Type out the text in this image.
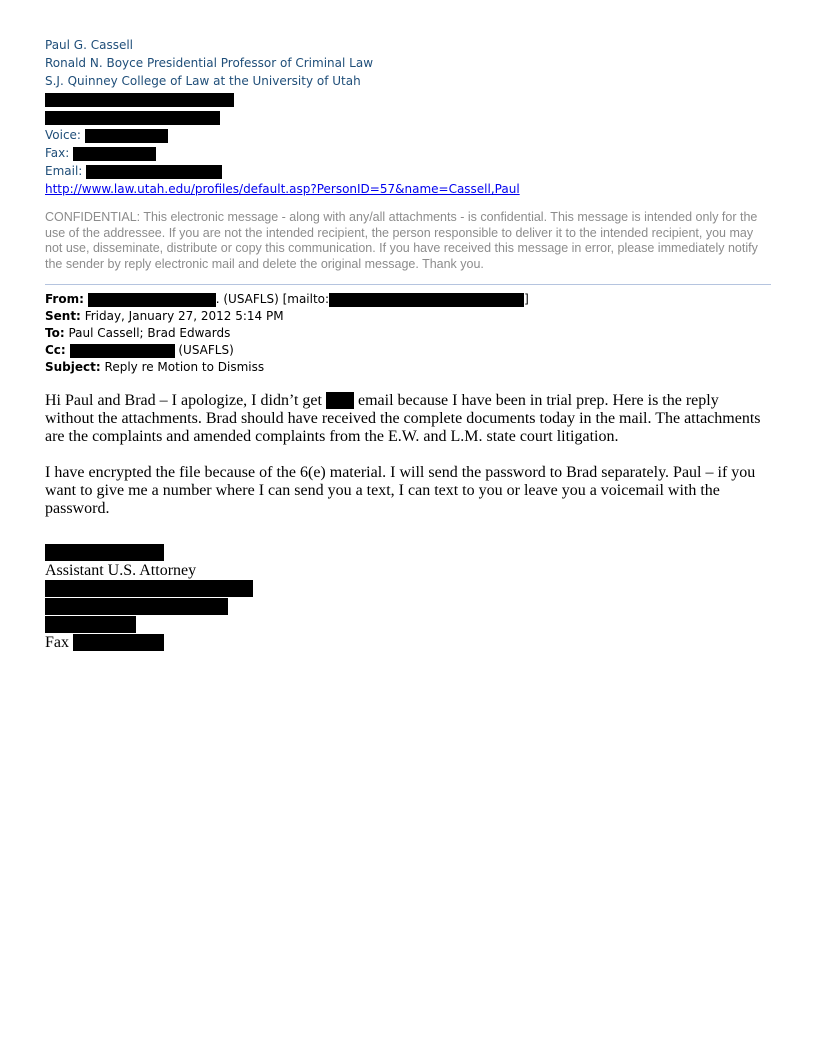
Paul G. Cassell
Ronald N. Boyce Presidential Professor of Criminal Law
S.J. Quinney College of Law at the University of Utah
Voice:
Fax:
Email:
http://www.law.utah.edu/profiles/default.asp?PersonID=57&name=Cassell,Paul
CONFIDENTIAL: This electronic message - along with any/all attachments - is confidential. This message is intended only for the use of the addressee. If you are not the intended recipient, the person responsible to deliver it to the intended recipient, you may not use, disseminate, distribute or copy this communication. If you have received this message in error, please immediately notify the sender by reply electronic mail and delete the original message. Thank you.
From:	. (USAFLS) [mailto:	]
Sent: Friday, January 27, 2012 5:14 PM
To: Paul Cassell; Brad Edwards
Cc:	(USAFLS)
Subject: Reply re Motion to Dismiss

Hi Paul and Brad – I apologize, I didn’t get email because I have been in trial prep. Here is the reply without the attachments. Brad should have received the complete documents today in the mail. The attachments are the complaints and amended complaints from the E.W. and L.M. state court litigation.

I have encrypted the file because of the 6(e) material. I will send the password to Brad separately. Paul – if you want to give me a number where I can send you a text, I can text to you or leave you a voicemail with the password.

Assistant U.S. Attorney
Fax
